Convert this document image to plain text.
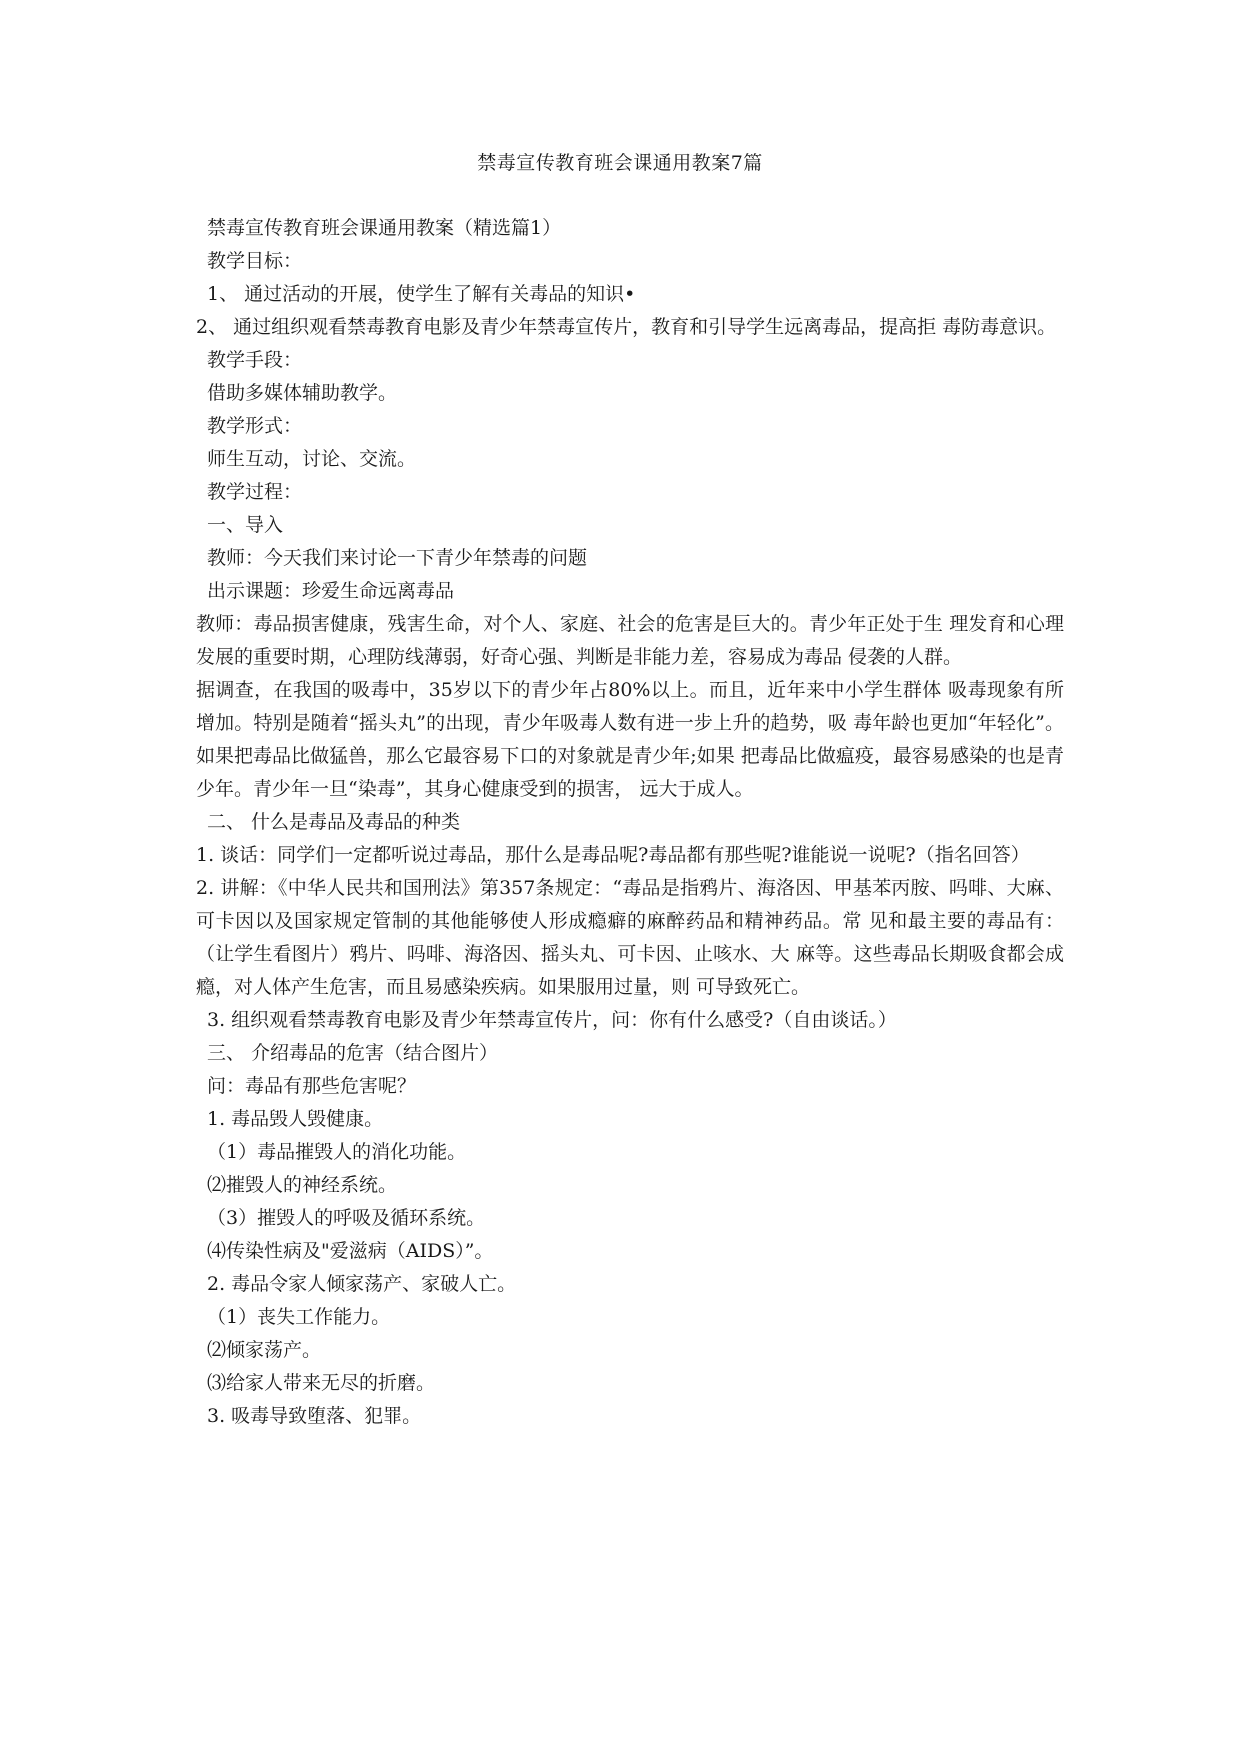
禁毒宣传教育班会课通用教案7篇

禁毒宣传教育班会课通用教案（精选篇1）

教学目标：

1、 通过活动的开展，使学生了解有关毒品的知识•

2、 通过组织观看禁毒教育电影及青少年禁毒宣传片，教育和引导学生远离毒品，提高拒 毒防毒意识。

教学手段：

借助多媒体辅助教学。

教学形式：

师生互动，讨论、交流。

教学过程：

一、导入

教师：今天我们来讨论一下青少年禁毒的问题

出示课题：珍爱生命远离毒品

教师：毒品损害健康，残害生命，对个人、家庭、社会的危害是巨大的。青少年正处于生 理发育和心理发展的重要时期，心理防线薄弱，好奇心强、判断是非能力差，容易成为毒品 侵袭的人群。

据调查，在我国的吸毒中，35岁以下的青少年占80%以上。而且，近年来中小学生群体 吸毒现象有所增加。特别是随着“摇头丸”的出现，青少年吸毒人数有进一步上升的趋势，吸 毒年龄也更加“年轻化”。如果把毒品比做猛兽，那么它最容易下口的对象就是青少年;如果 把毒品比做瘟疫，最容易感染的也是青少年。青少年一旦“染毒”，其身心健康受到的损害， 远大于成人。

二、 什么是毒品及毒品的种类

1. 谈话：同学们一定都听说过毒品，那什么是毒品呢?毒品都有那些呢?谁能说一说呢?（指名回答）

2. 讲解：《中华人民共和国刑法》第357条规定：“毒品是指鸦片、海洛因、甲基苯丙胺、吗啡、大麻、可卡因以及国家规定管制的其他能够使人形成瘾癖的麻醉药品和精神药品。常 见和最主要的毒品有：（让学生看图片）鸦片、吗啡、海洛因、摇头丸、可卡因、止咳水、大 麻等。这些毒品长期吸食都会成瘾，对人体产生危害，而且易感染疾病。如果服用过量，则 可导致死亡。

3. 组织观看禁毒教育电影及青少年禁毒宣传片，问：你有什么感受?（自由谈话。）

三、 介绍毒品的危害（结合图片）

问：毒品有那些危害呢？

1. 毒品毁人毁健康。

（1）毒品摧毁人的消化功能。

⑵摧毁人的神经系统。

（3）摧毁人的呼吸及循环系统。

⑷传染性病及"爱滋病（AIDS）”。

2. 毒品令家人倾家荡产、家破人亡。

（1）丧失工作能力。

⑵倾家荡产。

⑶给家人带来无尽的折磨。

3. 吸毒导致堕落、犯罪。
